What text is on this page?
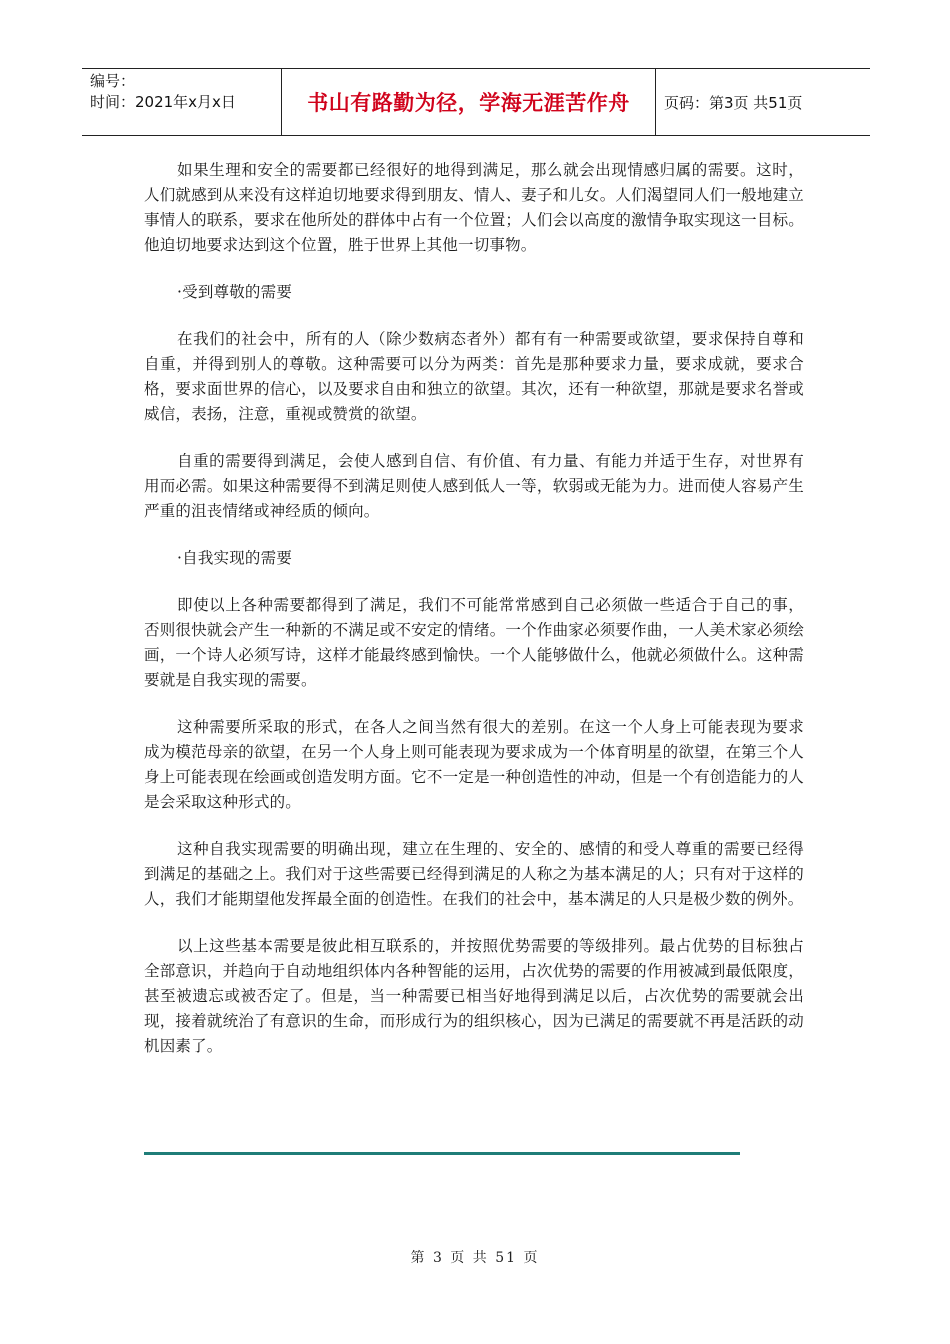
编号：
时间：2021年x月x日	书山有路勤为径，学海无涯苦作舟	页码：第3页 共51页

如果生理和安全的需要都已经很好的地得到满足，那么就会出现情感归属的需要。这时，人们就感到从来没有这样迫切地要求得到朋友、情人、妻子和儿女。人们渴望同人们一般地建立事情人的联系，要求在他所处的群体中占有一个位置；人们会以高度的激情争取实现这一目标。他迫切地要求达到这个位置，胜于世界上其他一切事物。

·受到尊敬的需要

在我们的社会中，所有的人（除少数病态者外）都有有一种需要或欲望，要求保持自尊和自重，并得到别人的尊敬。这种需要可以分为两类：首先是那种要求力量，要求成就，要求合格，要求面世界的信心，以及要求自由和独立的欲望。其次，还有一种欲望，那就是要求名誉或威信，表扬，注意，重视或赞赏的欲望。

自重的需要得到满足，会使人感到自信、有价值、有力量、有能力并适于生存，对世界有用而必需。如果这种需要得不到满足则使人感到低人一等，软弱或无能为力。进而使人容易产生严重的沮丧情绪或神经质的倾向。

·自我实现的需要

即使以上各种需要都得到了满足，我们不可能常常感到自己必须做一些适合于自己的事，否则很快就会产生一种新的不满足或不安定的情绪。一个作曲家必须要作曲，一人美术家必须绘画，一个诗人必须写诗，这样才能最终感到愉快。一个人能够做什么，他就必须做什么。这种需要就是自我实现的需要。

这种需要所采取的形式，在各人之间当然有很大的差别。在这一个人身上可能表现为要求成为模范母亲的欲望，在另一个人身上则可能表现为要求成为一个体育明星的欲望，在第三个人身上可能表现在绘画或创造发明方面。它不一定是一种创造性的冲动，但是一个有创造能力的人是会采取这种形式的。

这种自我实现需要的明确出现，建立在生理的、安全的、感情的和受人尊重的需要已经得到满足的基础之上。我们对于这些需要已经得到满足的人称之为基本满足的人；只有对于这样的人，我们才能期望他发挥最全面的创造性。在我们的社会中，基本满足的人只是极少数的例外。

以上这些基本需要是彼此相互联系的，并按照优势需要的等级排列。最占优势的目标独占全部意识，并趋向于自动地组织体内各种智能的运用，占次优势的需要的作用被减到最低限度，甚至被遗忘或被否定了。但是，当一种需要已相当好地得到满足以后，占次优势的需要就会出现，接着就统治了有意识的生命，而形成行为的组织核心，因为已满足的需要就不再是活跃的动机因素了。

第 3 页 共 51 页
